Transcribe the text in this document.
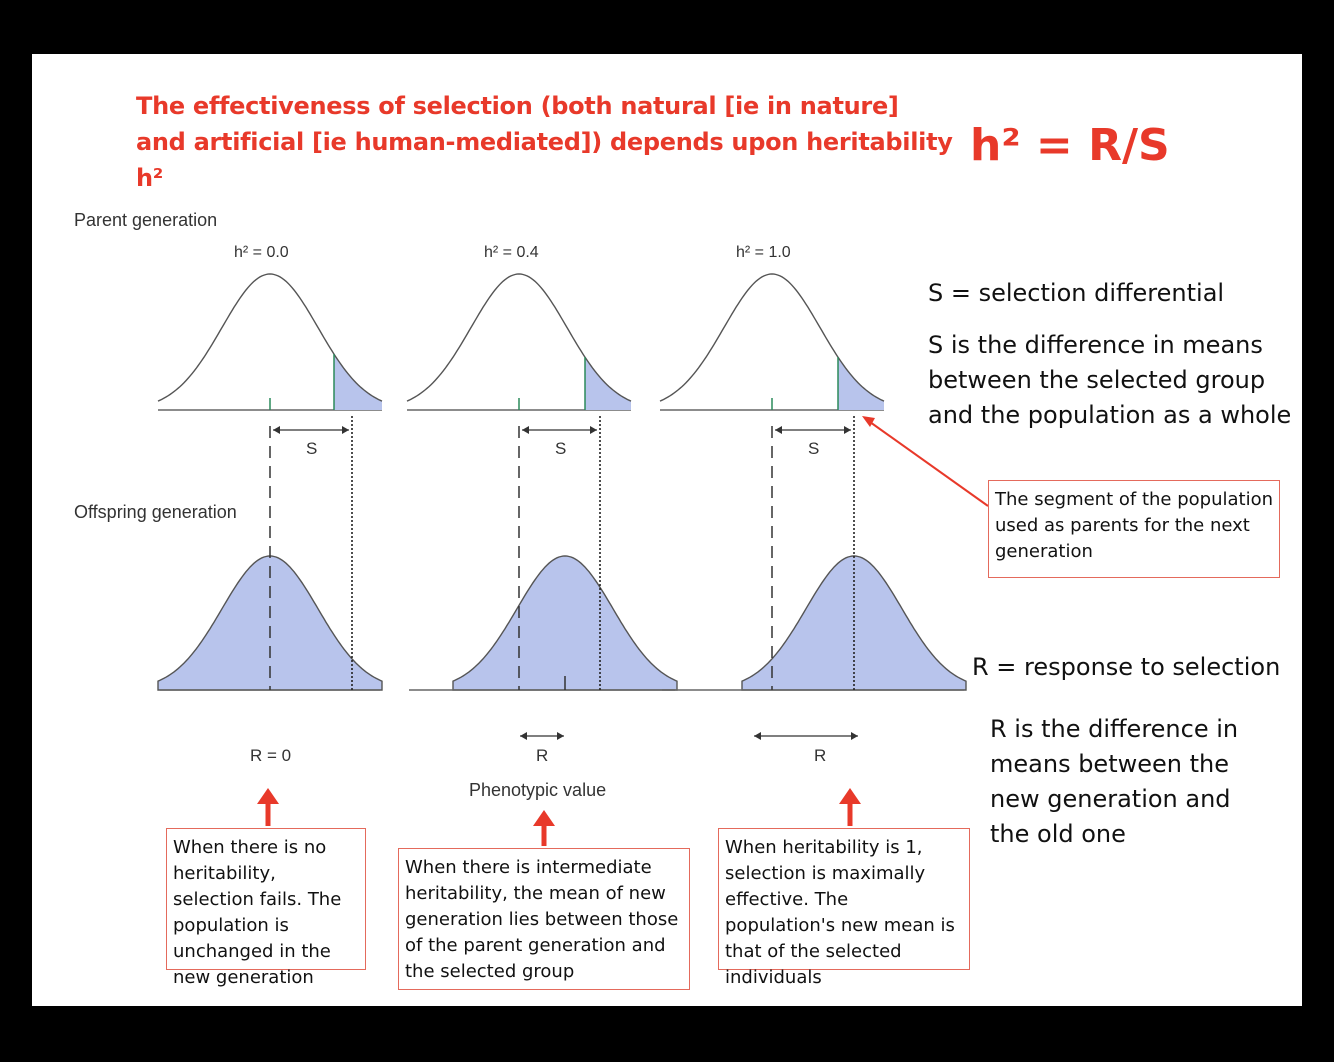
The effectiveness of selection (both natural [ie in nature] and artificial [ie human-mediated]) depends upon heritability h²
h² = R/S
Parent generation
Offspring generation
h² = 0.0	h² = 0.4	h² = 1.0
S	S	S
R = 0	R	R
Phenotypic value
S = selection differential
S is the difference in means between the selected group and the population as a whole
R = response to selection
R is the difference in means between the new generation and the old one
The segment of the population used as parents for the next generation
When there is no heritability, selection fails. The population is unchanged in the new generation
When there is intermediate heritability, the mean of new generation lies between those of the parent generation and the selected group
When heritability is 1, selection is maximally effective. The population's new mean is that of the selected individuals
